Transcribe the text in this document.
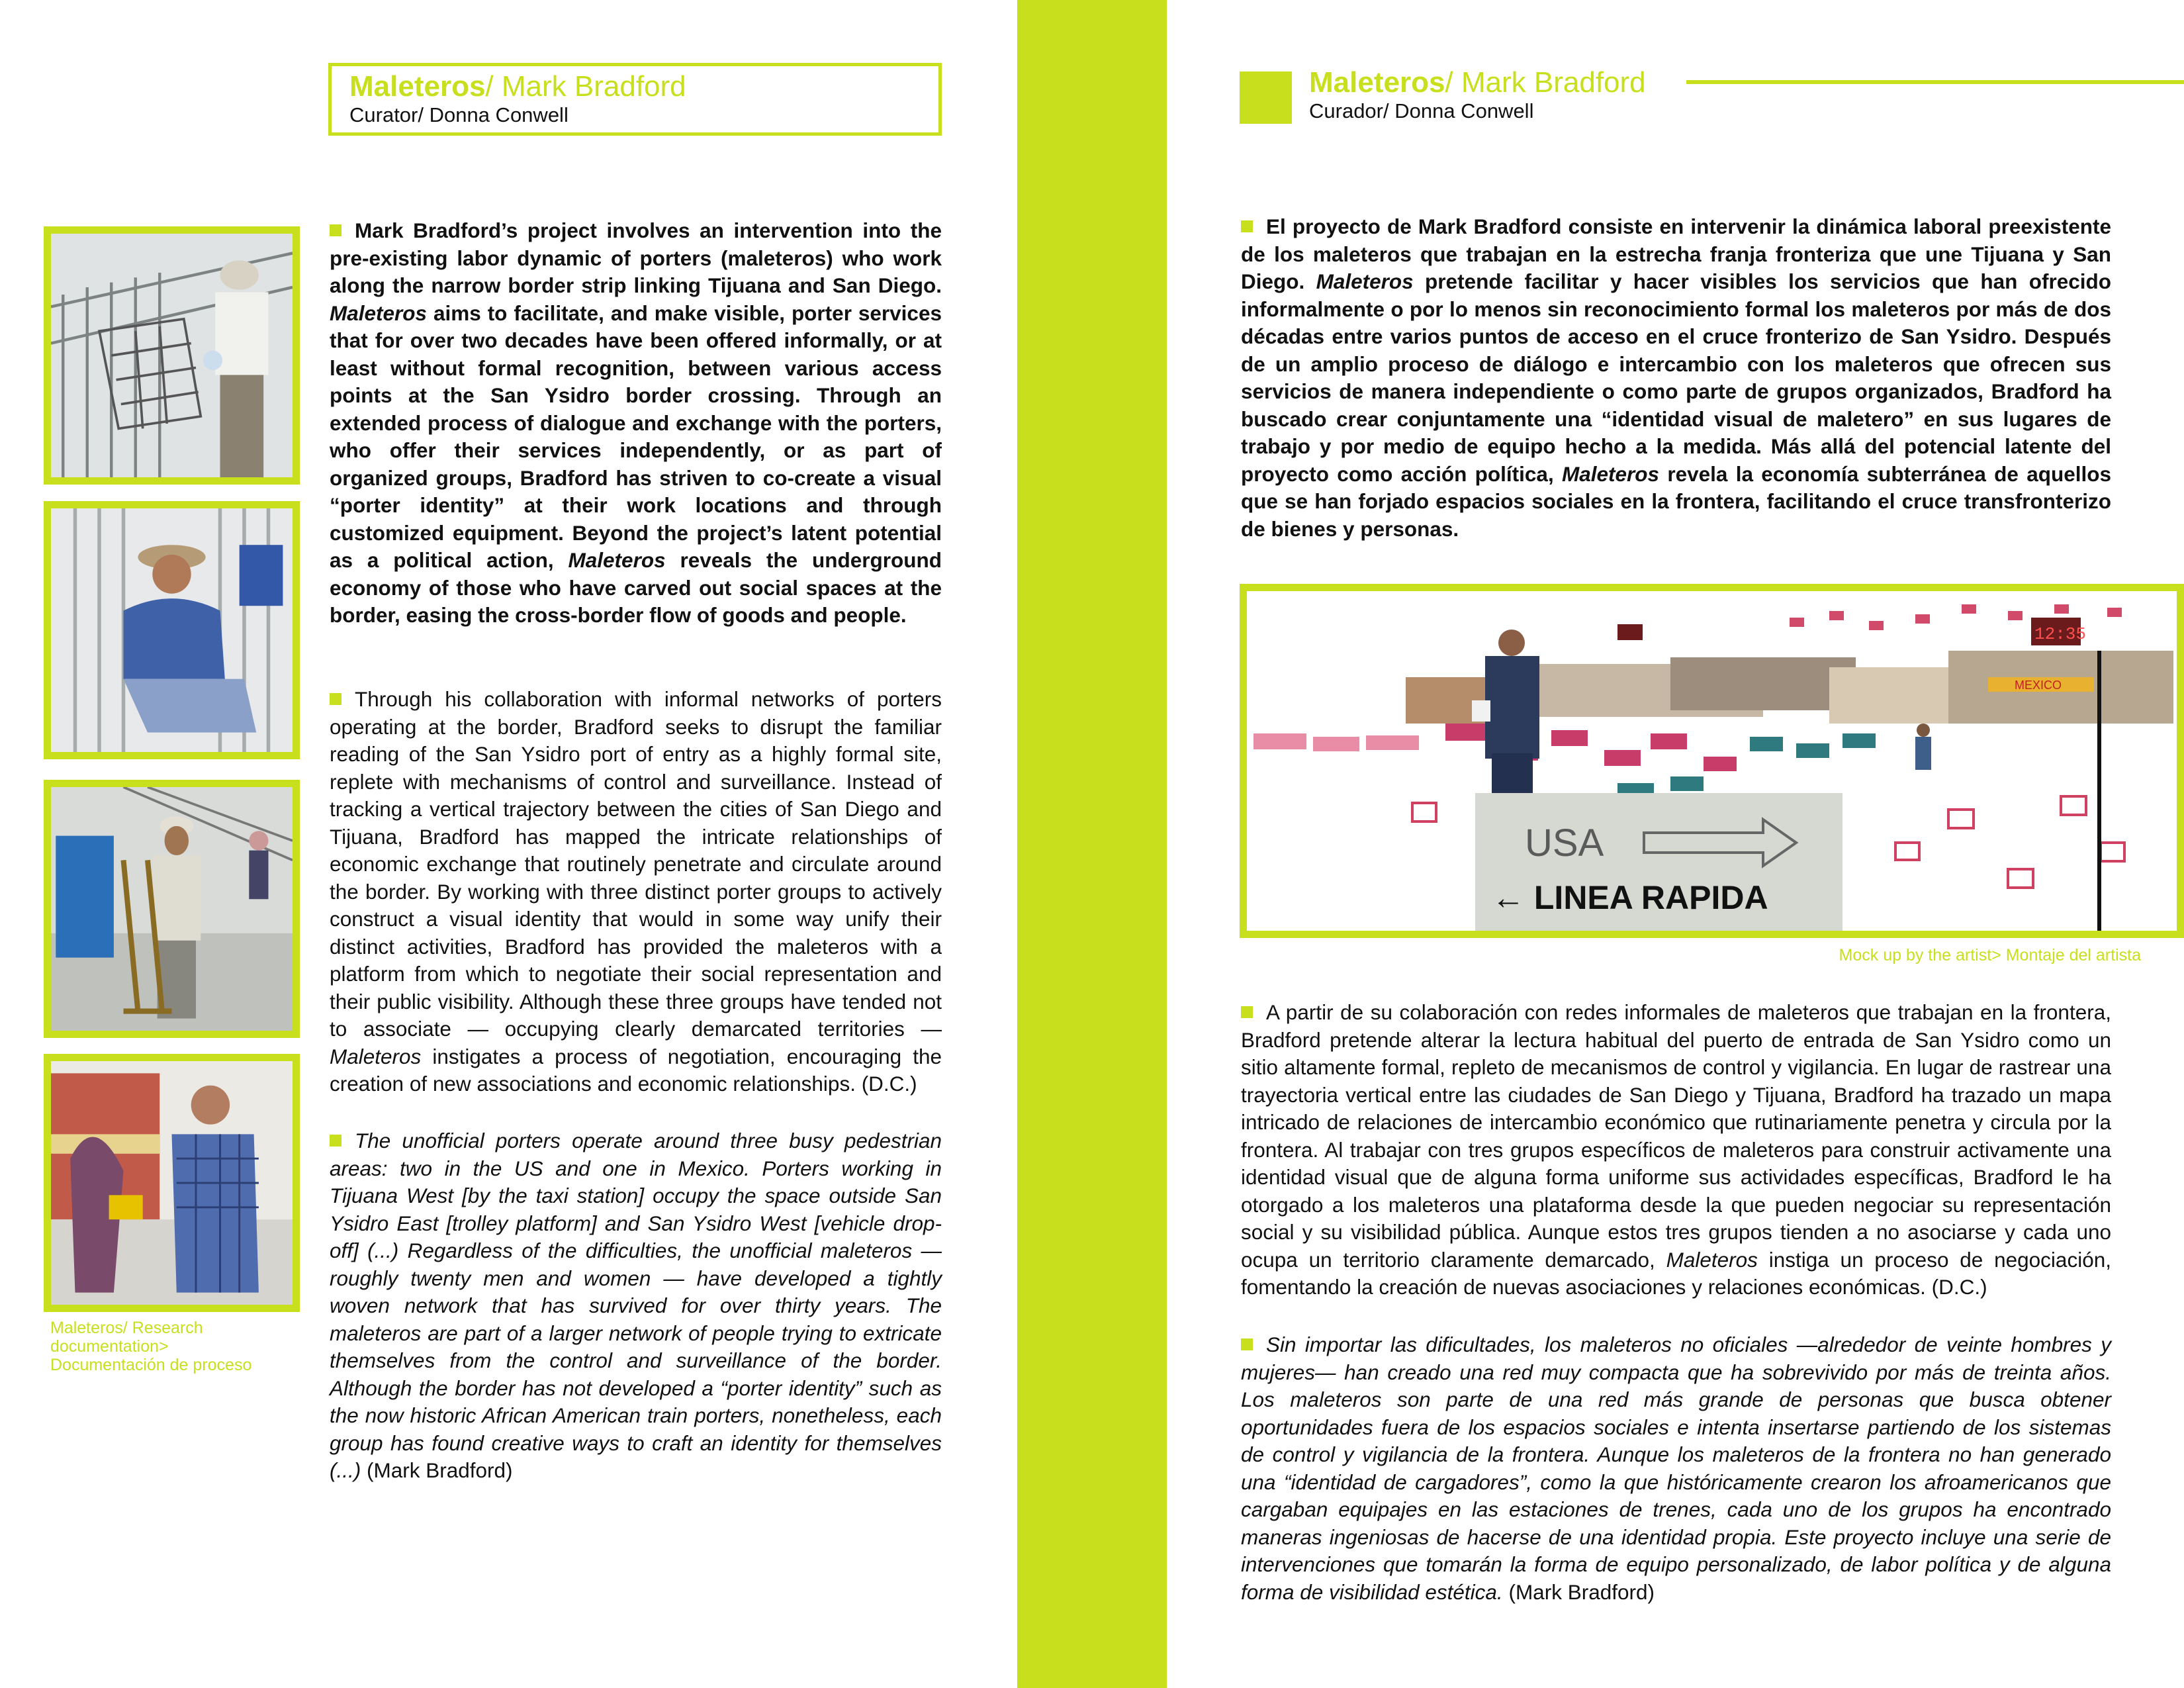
Maleteros/ Mark Bradford
Curator/ Donna Conwell
Maleteros/ Research
documentation>
Documentación de proceso
Mark Bradford’s project involves an intervention into the pre-existing labor dynamic of porters (maleteros) who work along the narrow border strip linking Tijuana and San Diego. Maleteros aims to facilitate, and make visible, porter services that for over two decades have been offered informally, or at least without formal recognition, between various access points at the San Ysidro border crossing. Through an extended process of dialogue and exchange with the porters, who offer their services independently, or as part of organized groups, Bradford has striven to co-create a visual “porter identity” at their work locations and through customized equipment. Beyond the project’s latent potential as a political action, Maleteros reveals the underground economy of those who have carved out social spaces at the border, easing the cross-border flow of goods and people.
Through his collaboration with informal networks of porters operating at the border, Bradford seeks to disrupt the familiar reading of the San Ysidro port of entry as a highly formal site, replete with mechanisms of control and surveillance. Instead of tracking a vertical trajectory between the cities of San Diego and Tijuana, Bradford has mapped the intricate relationships of economic exchange that routinely penetrate and circulate around the border. By working with three distinct porter groups to actively construct a visual identity that would in some way unify their distinct activities, Bradford has provided the maleteros with a platform from which to negotiate their social representation and their public visibility. Although these three groups have tended not to associate — occupying clearly demarcated territories — Maleteros instigates a process of negotiation, encouraging the creation of new associations and economic relationships. (D.C.)
The unofficial porters operate around three busy pedestrian areas: two in the US and one in Mexico. Porters working in Tijuana West [by the taxi station] occupy the space outside San Ysidro East [trolley platform] and San Ysidro West [vehicle drop-off] (...) Regardless of the difficulties, the unofficial maleteros — roughly twenty men and women — have developed a tightly woven network that has survived for over thirty years. The maleteros are part of a larger network of people trying to extricate themselves from the control and surveillance of the border. Although the border has not developed a “porter identity” such as the now historic African American train porters, nonetheless, each group has found creative ways to craft an identity for themselves (...) (Mark Bradford)
Maleteros/ Mark Bradford
Curador/ Donna Conwell
El proyecto de Mark Bradford consiste en intervenir la dinámica laboral preexistente de los maleteros que trabajan en la estrecha franja fronteriza que une Tijuana y San Diego. Maleteros pretende facilitar y hacer visibles los servicios que han ofrecido informalmente o por lo menos sin reconocimiento formal los maleteros por más de dos décadas entre varios puntos de acceso en el cruce fronterizo de San Ysidro. Después de un amplio proceso de diálogo e intercambio con los maleteros que ofrecen sus servicios de manera independiente o como parte de grupos organizados, Bradford ha buscado crear conjuntamente una “identidad visual de maletero” en sus lugares de trabajo y por medio de equipo hecho a la medida. Más allá del potencial latente del proyecto como acción política, Maleteros revela la economía subterránea de aquellos que se han forjado espacios sociales en la frontera, facilitando el cruce transfronterizo de bienes y personas.
MEXICO
12:35
USA
← LINEA RAPIDA
Mock up by the artist> Montaje del artista
A partir de su colaboración con redes informales de maleteros que trabajan en la frontera, Bradford pretende alterar la lectura habitual del puerto de entrada de San Ysidro como un sitio altamente formal, repleto de mecanismos de control y vigilancia. En lugar de rastrear una trayectoria vertical entre las ciudades de San Diego y Tijuana, Bradford ha trazado un mapa intricado de relaciones de intercambio económico que rutinariamente penetra y circula por la frontera. Al trabajar con tres grupos específicos de maleteros para construir activamente una identidad visual que de alguna forma uniforme sus actividades específicas, Bradford le ha otorgado a los maleteros una plataforma desde la que pueden negociar su representación social y su visibilidad pública. Aunque estos tres grupos tienden a no asociarse y cada uno ocupa un territorio claramente demarcado, Maleteros instiga un proceso de negociación, fomentando la creación de nuevas asociaciones y relaciones económicas. (D.C.)
Sin importar las dificultades, los maleteros no oficiales —alrededor de veinte hombres y mujeres— han creado una red muy compacta que ha sobrevivido por más de treinta años. Los maleteros son parte de una red más grande de personas que busca obtener oportunidades fuera de los espacios sociales e intenta insertarse partiendo de los sistemas de control y vigilancia de la frontera. Aunque los maleteros de la frontera no han generado una “identidad de cargadores”, como la que históricamente crearon los afroamericanos que cargaban equipajes en las estaciones de trenes, cada uno de los grupos ha encontrado maneras ingeniosas de hacerse de una identidad propia. Este proyecto incluye una serie de intervenciones que tomarán la forma de equipo personalizado, de labor política y de alguna forma de visibilidad estética. (Mark Bradford)
